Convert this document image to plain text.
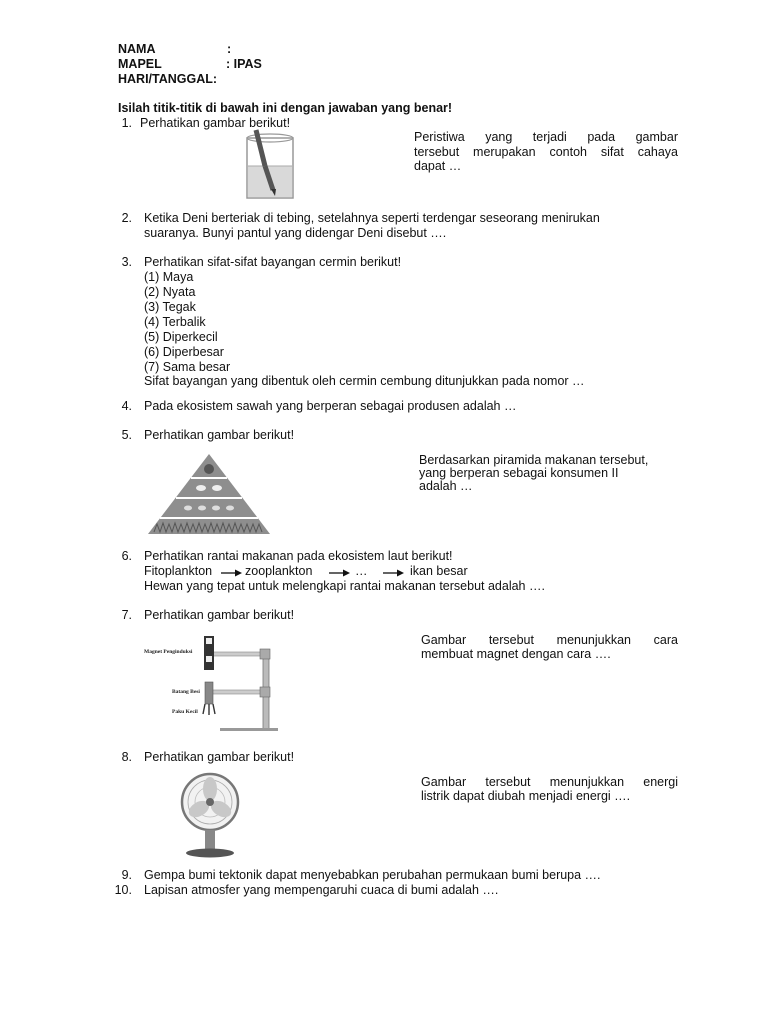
NAMA	:
MAPEL	: IPAS
HARI/TANGGAL:
Isilah titik-titik di bawah ini dengan jawaban yang benar!
1. Perhatikan gambar berikut!
Peristiwa yang terjadi pada gambar
tersebut merupakan contoh sifat cahaya
dapat …
2. Ketika Deni berteriak di tebing, setelahnya seperti terdengar seseorang menirukan
suaranya. Bunyi pantul yang didengar Deni disebut ….
3. Perhatikan sifat-sifat bayangan cermin berikut!
(1) Maya
(2) Nyata
(3) Tegak
(4) Terbalik
(5) Diperkecil
(6) Diperbesar
(7) Sama besar
Sifat bayangan yang dibentuk oleh cermin cembung ditunjukkan pada nomor …
4. Pada ekosistem sawah yang berperan sebagai produsen adalah …
5. Perhatikan gambar berikut!
Berdasarkan piramida makanan tersebut,
yang berperan sebagai konsumen II
adalah …
6. Perhatikan rantai makanan pada ekosistem laut berikut!
Fitoplankton	zooplankton	…	ikan besar
Hewan yang tepat untuk melengkapi rantai makanan tersebut adalah ….
7. Perhatikan gambar berikut!
Magnet Penginduksi
Batang Besi
Paku Kecil
Gambar tersebut menunjukkan cara
membuat magnet dengan cara ….
8. Perhatikan gambar berikut!
Gambar tersebut menunjukkan energi
listrik dapat diubah menjadi energi ….
9. Gempa bumi tektonik dapat menyebabkan perubahan permukaan bumi berupa ….
10. Lapisan atmosfer yang mempengaruhi cuaca di bumi adalah ….
